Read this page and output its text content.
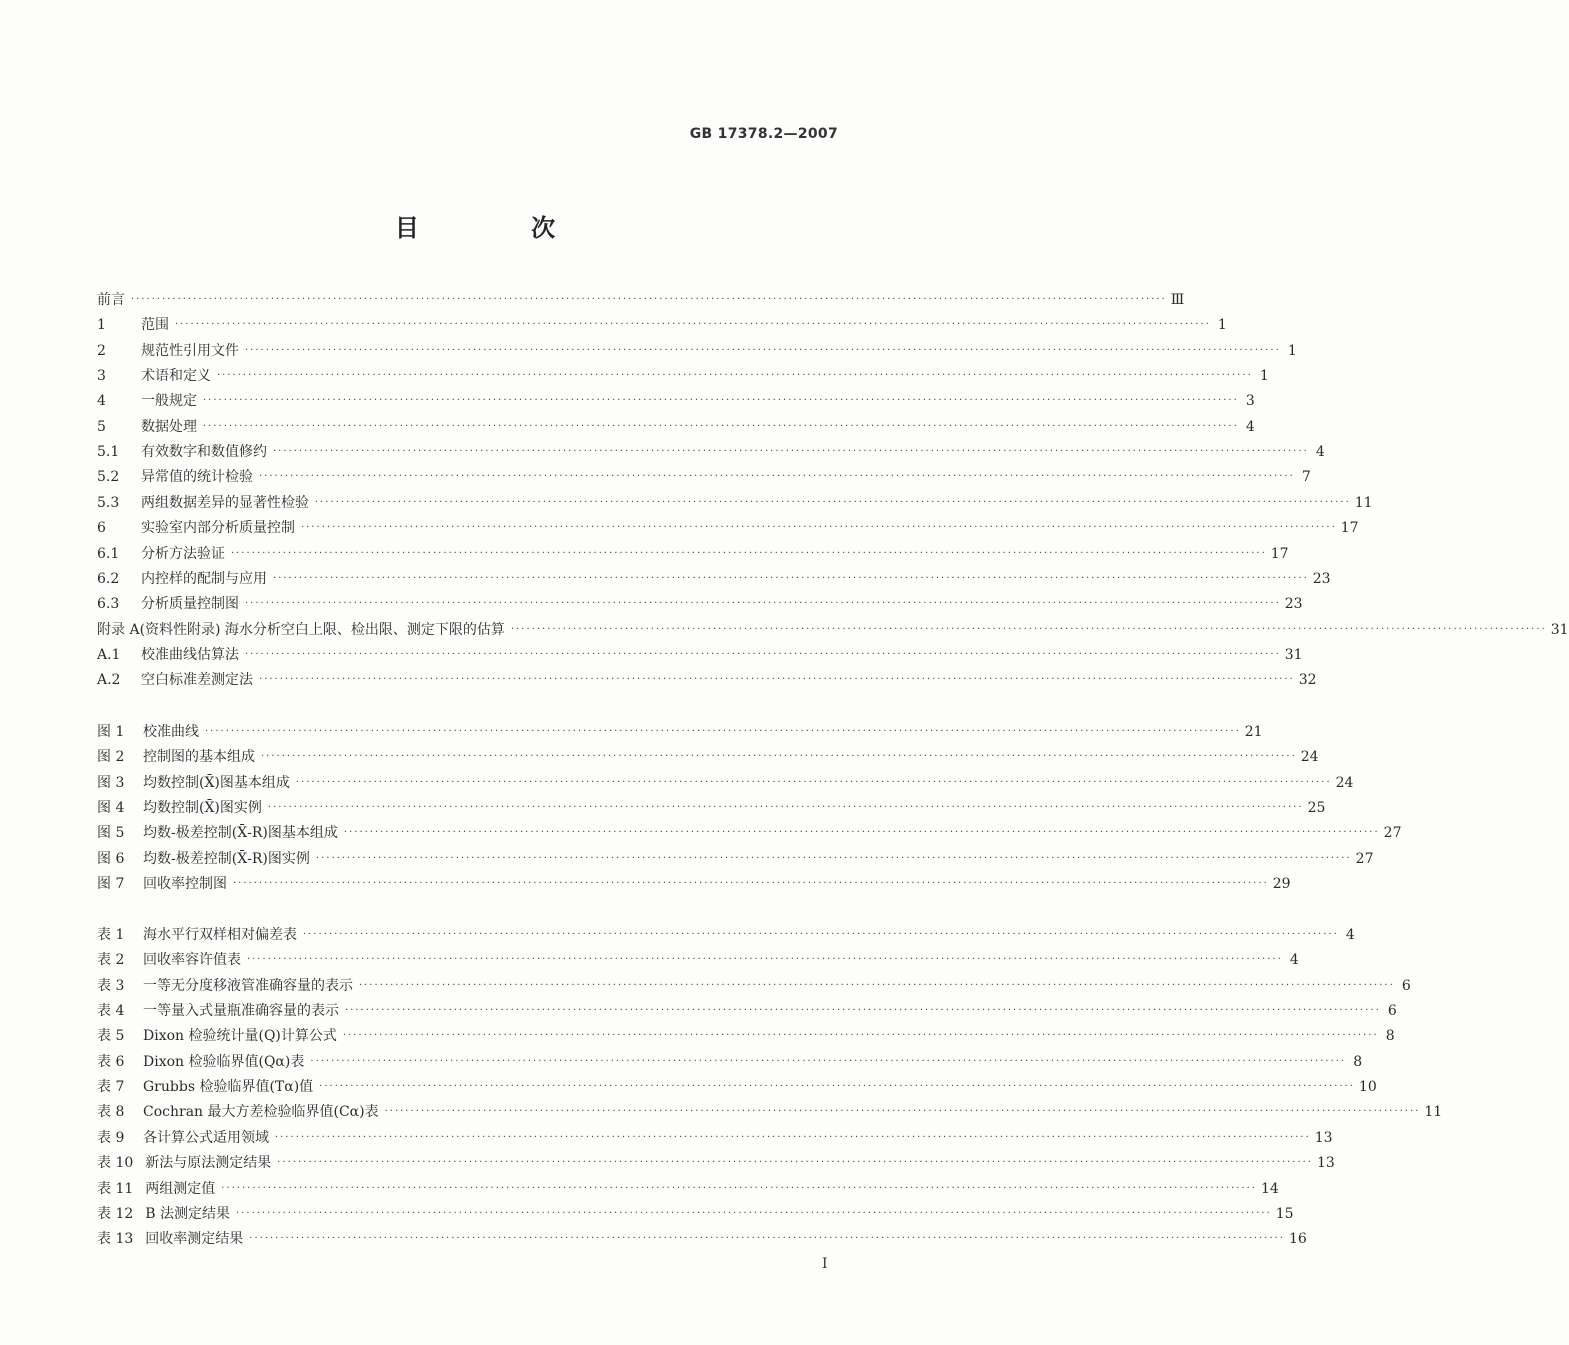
GB 17378.2—2007
目 次
前言 ········································································································································································································ Ⅲ
1	范围 ········································································································································································································ 1
2	规范性引用文件 ········································································································································································································ 1
3	术语和定义 ········································································································································································································ 1
4	一般规定 ········································································································································································································ 3
5	数据处理 ········································································································································································································ 4
5.1	有效数字和数值修约 ········································································································································································································ 4
5.2	异常值的统计检验 ········································································································································································································ 7
5.3	两组数据差异的显著性检验 ········································································································································································································ 11
6	实验室内部分析质量控制 ········································································································································································································ 17
6.1	分析方法验证 ········································································································································································································ 17
6.2	内控样的配制与应用 ········································································································································································································ 23
6.3	分析质量控制图 ········································································································································································································ 23
附录 A (资料性附录) 海水分析空白上限、检出限、测定下限的估算 ········································································································································································································ 31
A.1	校准曲线估算法 ········································································································································································································ 31
A.2	空白标准差测定法 ········································································································································································································ 32
图 1	校准曲线 ········································································································································································································ 21
图 2	控制图的基本组成 ········································································································································································································ 24
图 3	均数控制(X̄)图基本组成 ········································································································································································································ 24
图 4	均数控制(X̄)图实例 ········································································································································································································ 25
图 5	均数-极差控制(X̄-R)图基本组成 ········································································································································································································ 27
图 6	均数-极差控制(X̄-R)图实例 ········································································································································································································ 27
图 7	回收率控制图 ········································································································································································································ 29
表 1	海水平行双样相对偏差表 ········································································································································································································ 4
表 2	回收率容许值表 ········································································································································································································ 4
表 3	一等无分度移液管准确容量的表示 ········································································································································································································ 6
表 4	一等量入式量瓶准确容量的表示 ········································································································································································································ 6
表 5	Dixon 检验统计量(Q)计算公式 ········································································································································································································ 8
表 6	Dixon 检验临界值(Qα)表 ········································································································································································································ 8
表 7	Grubbs 检验临界值(Tα)值 ········································································································································································································ 10
表 8	Cochran 最大方差检验临界值(Cα)表 ········································································································································································································ 11
表 9	各计算公式适用领域 ········································································································································································································ 13
表 10 新法与原法测定结果 ········································································································································································································ 13
表 11 两组测定值 ········································································································································································································ 14
表 12 B 法测定结果 ········································································································································································································ 15
表 13 回收率测定结果 ········································································································································································································ 16
Ⅰ
